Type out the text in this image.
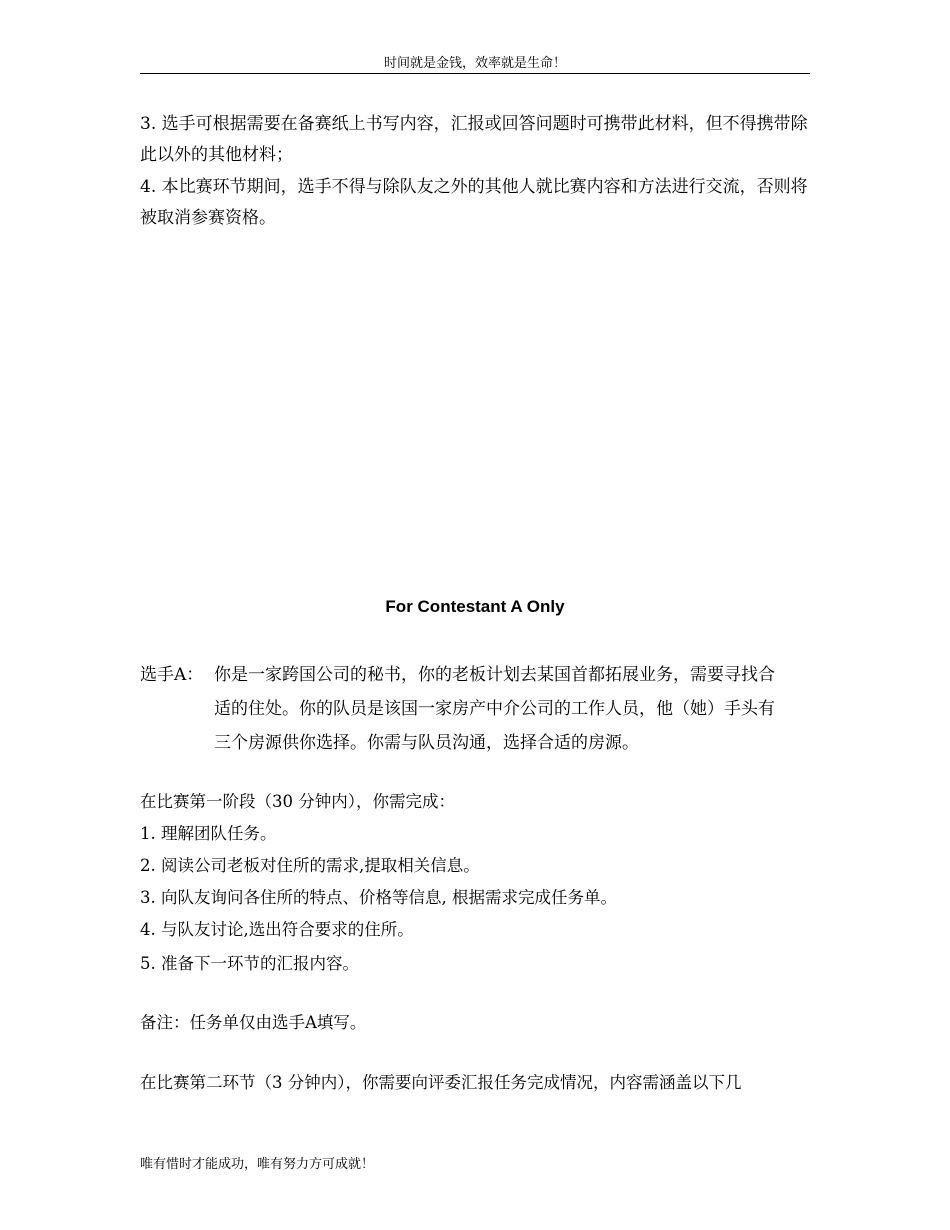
时间就是金钱，效率就是生命！

3. 选手可根据需要在备赛纸上书写内容，汇报或回答问题时可携带此材料，但不得携带除此以外的其他材料；

4. 本比赛环节期间，选手不得与除队友之外的其他人就比赛内容和方法进行交流，否则将被取消参赛资格。

For Contestant A Only
选手A： 你是一家跨国公司的秘书，你的老板计划去某国首都拓展业务，需要寻找合
适的住处。你的队员是该国一家房产中介公司的工作人员，他（她）手头有
三个房源供你选择。你需与队员沟通，选择合适的房源。
在比赛第一阶段（30 分钟内），你需完成：
1. 理解团队任务。
2. 阅读公司老板对住所的需求,提取相关信息。
3. 向队友询问各住所的特点、价格等信息, 根据需求完成任务单。
4. 与队友讨论,选出符合要求的住所。
5. 准备下一环节的汇报内容。
备注：任务单仅由选手A填写。
在比赛第二环节（3 分钟内），你需要向评委汇报任务完成情况，内容需涵盖以下几
唯有惜时才能成功，唯有努力方可成就！
